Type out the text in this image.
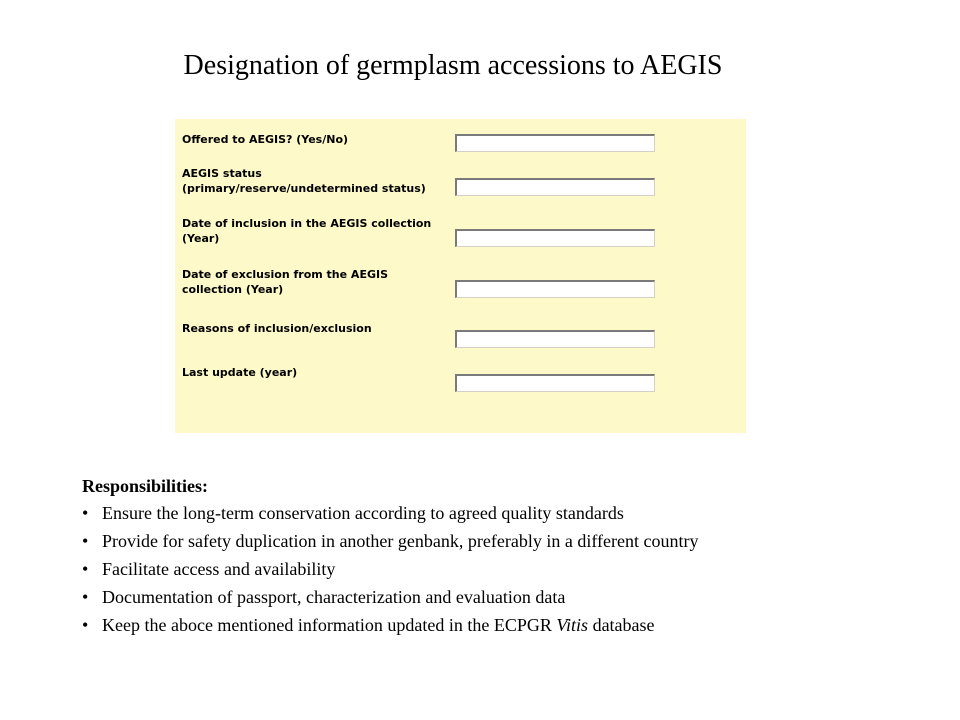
Designation of germplasm accessions to AEGIS
Offered to AEGIS? (Yes/No)
AEGIS status
(primary/reserve/undetermined status)
Date of inclusion in the AEGIS collection
(Year)
Date of exclusion from the AEGIS
collection (Year)
Reasons of inclusion/exclusion
Last update (year)
Responsibilities:
• Ensure the long-term conservation according to agreed quality standards
• Provide for safety duplication in another genbank, preferably in a different country
• Facilitate access and availability
• Documentation of passport, characterization and evaluation data
• Keep the aboce mentioned information updated in the ECPGR Vitis database
